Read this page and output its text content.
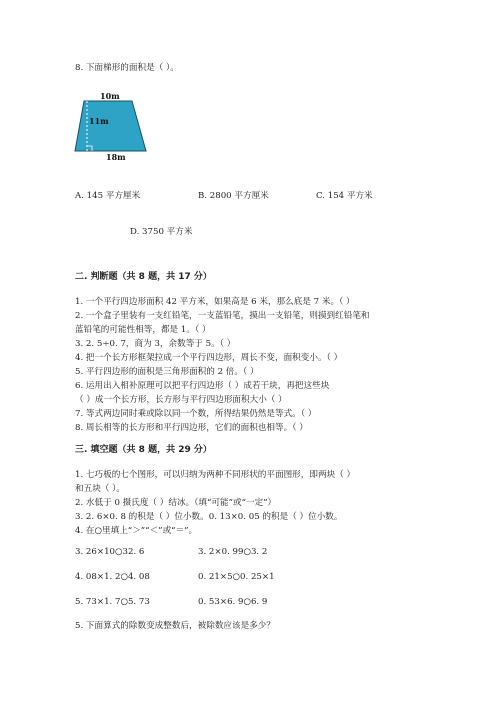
8. 下面梯形的面积是（ ）。
10m
11m
18m
A. 145 平方厘米	B. 2800 平方厘米	C. 154 平方米
D. 3750 平方米
二. 判断题（共 8 题，共 17 分）
1. 一个平行四边形面积 42 平方米，如果高是 6 米，那么底是 7 米。（ ）
2. 一个盒子里装有一支红铅笔，一支蓝铅笔，摸出一支铅笔，则摸到红铅笔和
蓝铅笔的可能性相等，都是 1。（ ）
3. 2. 5÷0. 7，商为 3，余数等于 5。（ ）
4. 把一个长方形框架拉成一个平行四边形，周长不变，面积变小。（ ）
5. 平行四边形的面积是三角形面积的 2 倍。（ ）
6. 运用出入相补原理可以把平行四边形（ ）成若干块，再把这些块
（ ）成一个长方形，长方形与平行四边形面积大小（ ）
7. 等式两边同时乘或除以同一个数，所得结果仍然是等式。（ ）
8. 周长相等的长方形和平行四边形，它们的面积也相等。（ ）
三. 填空题（共 8 题，共 29 分）
1. 七巧板的七个图形，可以归纳为两种不同形状的平面图形，即两块（ ）
和五块（ ）。
2. 水低于 0 摄氏度（ ）结冰。（填“可能”或“一定”）
3. 2. 6×0. 8 的积是（ ）位小数。0. 13×0. 05 的积是（ ）位小数。
4. 在○里填上“＞”“＜”或“＝”。
3. 26×10○32. 6	3. 2×0. 99○3. 2
4. 08×1. 2○4. 08	0. 21×5○0. 25×1
5. 73×1. 7○5. 73	0. 53×6. 9○6. 9
5. 下面算式的除数变成整数后，被除数应该是多少？
